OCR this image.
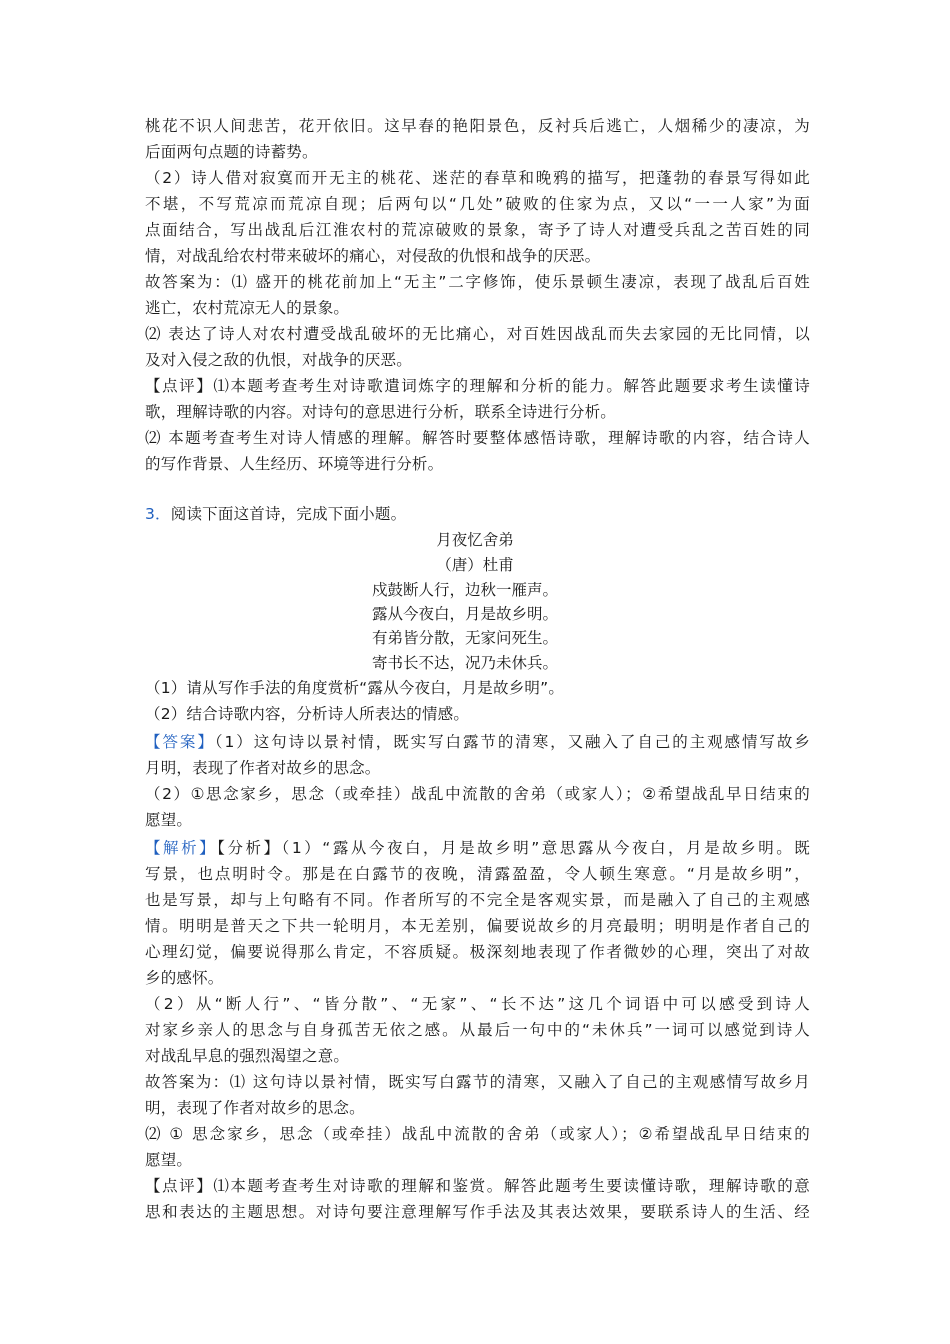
桃花不识人间悲苦，花开依旧。这早春的艳阳景色，反衬兵后逃亡，人烟稀少的凄凉，为
后面两句点题的诗蓄势。
（2）诗人借对寂寞而开无主的桃花、迷茫的春草和晚鸦的描写，把蓬勃的春景写得如此
不堪，不写荒凉而荒凉自现；后两句以“几处”破败的住家为点，又以“一一人家”为面
点面结合，写出战乱后江淮农村的荒凉破败的景象，寄予了诗人对遭受兵乱之苦百姓的同
情，对战乱给农村带来破坏的痛心，对侵敌的仇恨和战争的厌恶。
故答案为：⑴ 盛开的桃花前加上“无主”二字修饰，使乐景顿生凄凉，表现了战乱后百姓
逃亡，农村荒凉无人的景象。
⑵ 表达了诗人对农村遭受战乱破坏的无比痛心，对百姓因战乱而失去家园的无比同情，以
及对入侵之敌的仇恨，对战争的厌恶。
【点评】⑴本题考查考生对诗歌遣词炼字的理解和分析的能力。解答此题要求考生读懂诗
歌，理解诗歌的内容。对诗句的意思进行分析，联系全诗进行分析。
⑵ 本题考查考生对诗人情感的理解。解答时要整体感悟诗歌，理解诗歌的内容，结合诗人
的写作背景、人生经历、环境等进行分析。
3．阅读下面这首诗，完成下面小题。
月夜忆舍弟
（唐）杜甫
戍鼓断人行，边秋一雁声。
露从今夜白，月是故乡明。
有弟皆分散，无家问死生。
寄书长不达，况乃未休兵。
（1）请从写作手法的角度赏析“露从今夜白，月是故乡明”。
（2）结合诗歌内容，分析诗人所表达的情感。
【答案】（1）这句诗以景衬情，既实写白露节的清寒，又融入了自己的主观感情写故乡
月明，表现了作者对故乡的思念。
（2）①思念家乡，思念（或牵挂）战乱中流散的舍弟（或家人）；②希望战乱早日结束的
愿望。
【解析】【分析】（1）“露从今夜白，月是故乡明”意思露从今夜白，月是故乡明。既
写景，也点明时令。那是在白露节的夜晚，清露盈盈，令人顿生寒意。“月是故乡明”，
也是写景，却与上句略有不同。作者所写的不完全是客观实景，而是融入了自己的主观感
情。明明是普天之下共一轮明月，本无差别，偏要说故乡的月亮最明；明明是作者自己的
心理幻觉，偏要说得那么肯定，不容质疑。极深刻地表现了作者微妙的心理，突出了对故
乡的感怀。
（2）从“断人行”、“皆分散”、“无家”、“长不达”这几个词语中可以感受到诗人
对家乡亲人的思念与自身孤苦无依之感。从最后一句中的“未休兵”一词可以感觉到诗人
对战乱早息的强烈渴望之意。
故答案为：⑴ 这句诗以景衬情，既实写白露节的清寒，又融入了自己的主观感情写故乡月
明，表现了作者对故乡的思念。
⑵ ① 思念家乡，思念（或牵挂）战乱中流散的舍弟（或家人）；②希望战乱早日结束的
愿望。
【点评】⑴本题考查考生对诗歌的理解和鉴赏。解答此题考生要读懂诗歌，理解诗歌的意
思和表达的主题思想。对诗句要注意理解写作手法及其表达效果，要联系诗人的生活、经
